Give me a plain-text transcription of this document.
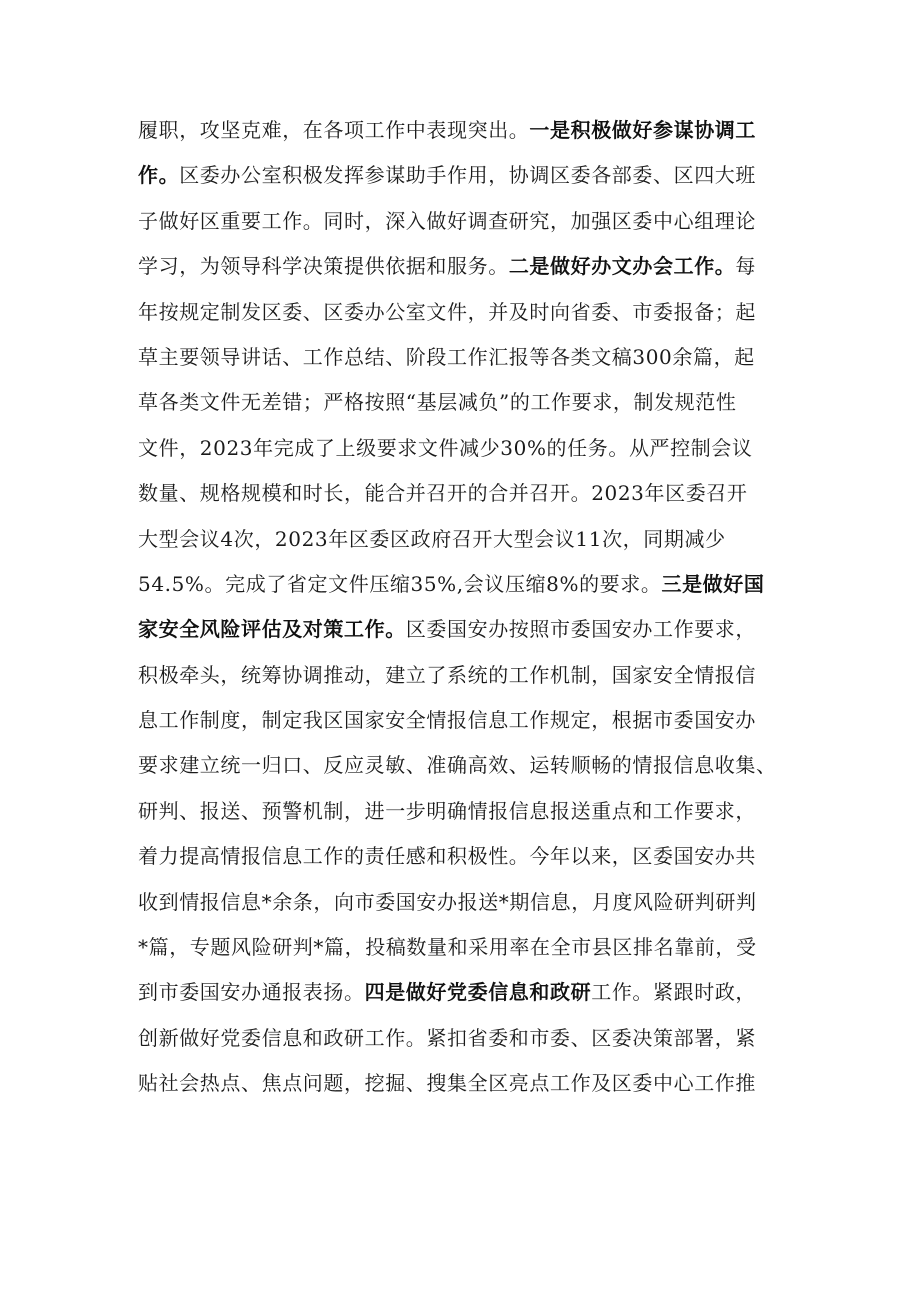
履职，攻坚克难，在各项工作中表现突出。一是积极做好参谋协调工
作。区委办公室积极发挥参谋助手作用，协调区委各部委、区四大班
子做好区重要工作。同时，深入做好调查研究，加强区委中心组理论
学习，为领导科学决策提供依据和服务。二是做好办文办会工作。每
年按规定制发区委、区委办公室文件，并及时向省委、市委报备；起
草主要领导讲话、工作总结、阶段工作汇报等各类文稿300余篇，起
草各类文件无差错；严格按照“基层减负”的工作要求，制发规范性
文件，2023年完成了上级要求文件减少30%的任务。从严控制会议
数量、规格规模和时长，能合并召开的合并召开。2023年区委召开
大型会议4次，2023年区委区政府召开大型会议11次，同期减少
54.5%。完成了省定文件压缩35%,会议压缩8%的要求。三是做好国
家安全风险评估及对策工作。区委国安办按照市委国安办工作要求，
积极牵头，统筹协调推动，建立了系统的工作机制，国家安全情报信
息工作制度，制定我区国家安全情报信息工作规定，根据市委国安办
要求建立统一归口、反应灵敏、准确高效、运转顺畅的情报信息收集、
研判、报送、预警机制，进一步明确情报信息报送重点和工作要求，
着力提高情报信息工作的责任感和积极性。今年以来，区委国安办共
收到情报信息*余条，向市委国安办报送*期信息，月度风险研判研判
*篇，专题风险研判*篇，投稿数量和采用率在全市县区排名靠前，受
到市委国安办通报表扬。四是做好党委信息和政研工作。紧跟时政，
创新做好党委信息和政研工作。紧扣省委和市委、区委决策部署，紧
贴社会热点、焦点问题，挖掘、搜集全区亮点工作及区委中心工作推
